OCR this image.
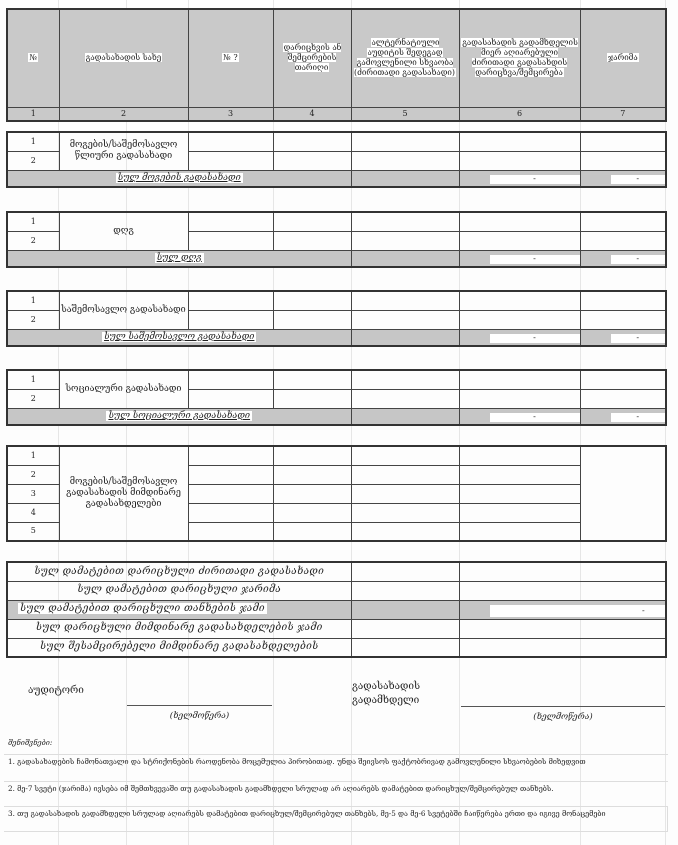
№	გადასახადის სახე	№ ?	დარიცხვის ან შემცირების თარიღი	ალტერნატიული აუდიტის შედეგად გამოვლენილი სხვაობა (ძირითადი გადასახადი)	გადასახადის გადამხდელის მიერ აღიარებული ძირითადი გადასახდის დარიცხვა/შემცირება	ჯარიმა
1	2	3	4	5	6	7
1	მოგების/საშემოსავლო წლიური გადასახადი					
2						
სულ მოგების გადასახადი					-	-
1	დღგ					
2						
სულ დღგ					-	-
1	საშემოსავლო გადასახადი					
2						
სულ საშემოსავლო გადასახადი					-	-
1	სოციალური გადასახადი					
2						
სულ სოციალური გადასახადი					-	-
1	მოგების/საშემოსავლო გადასახადის მიმდინარე გადასახდელები					
2						
3						
4						
5						
სულ დამატებით დარიცხული ძირითადი გადასახადი		
სულ დამატებით დარიცხული ჯარიმა		
სულ დამატებით დარიცხული თანხების ჯამი		-

სულ დარიცხული მიმდინარე გადასახდელების ჯამი		
სულ შესამცირებელი მიმდინარე გადასახდელების		
აუდიტორი
(ხელმოწერა)
გადასახადის გადამხდელი
(ხელმოწერა)
შენიშვნები:
1. გადასახადების ჩამონათვალი და სტრიქონების რაოდენობა მოცემულია პირობითად. უნდა შეივსოს ფაქტობრივად გამოვლენილი სხვაობების მიხედვით
2. მე-7 სვეტი (ჯარიმა) ივსება იმ შემთხვევაში თუ გადასახადის გადამხდელი სრულად არ აღიარებს დამატებით დარიცხულ/შემცირებულ თანხებს.
3. თუ გადასახადის გადამხდელი სრულად აღიარებს დამატებით დარიცხულ/შემცირებულ თანხებს, მე-5 და მე-6 სვეტებში ჩაიწერება ერთი და იგივე მონაცემები
